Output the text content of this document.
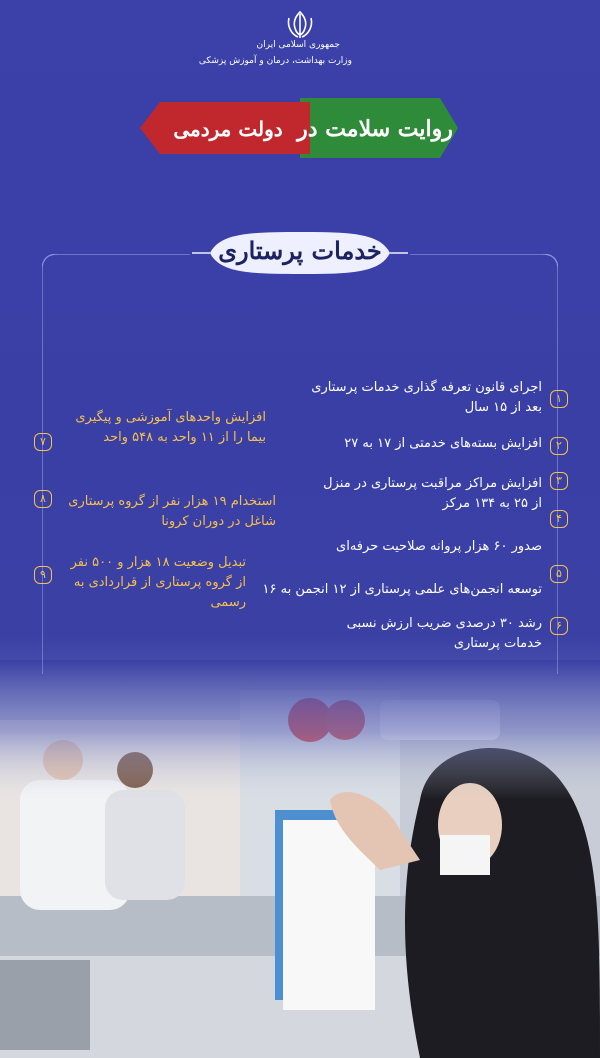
جمهوری اسلامی ایران
وزارت بهداشت، درمان و آموزش پزشکی
روایت سلامت در
دولت مردمی
خدمات پرستاری
۱
اجرای قانون تعرفه گذاری خدمات پرستاری بعد از ۱۵ سال
۲
افزایش بسته‌های خدمتی از ۱۷ به ۲۷
۳
افزایش مراکز مراقبت پرستاری در منزل از ۲۵ به ۱۳۴ مرکز
۴
صدور ۶۰ هزار پروانه صلاحیت حرفه‌ای
۵
توسعه انجمن‌های علمی پرستاری از ۱۲ انجمن به ۱۶
۶
رشد ۳۰ درصدی ضریب ارزش نسبی خدمات پرستاری
۷
افزایش واحدهای آموزشی و پیگیری بیما را از ۱۱ واحد به ۵۴۸ واحد
۸	استخدام ۱۹ هزار نفر از گروه پرستاری شاغل در دوران کرونا
۹
تبدیل وضعیت ۱۸ هزار و ۵۰۰ نفر از گروه پرستاری از قراردادی به رسمی
